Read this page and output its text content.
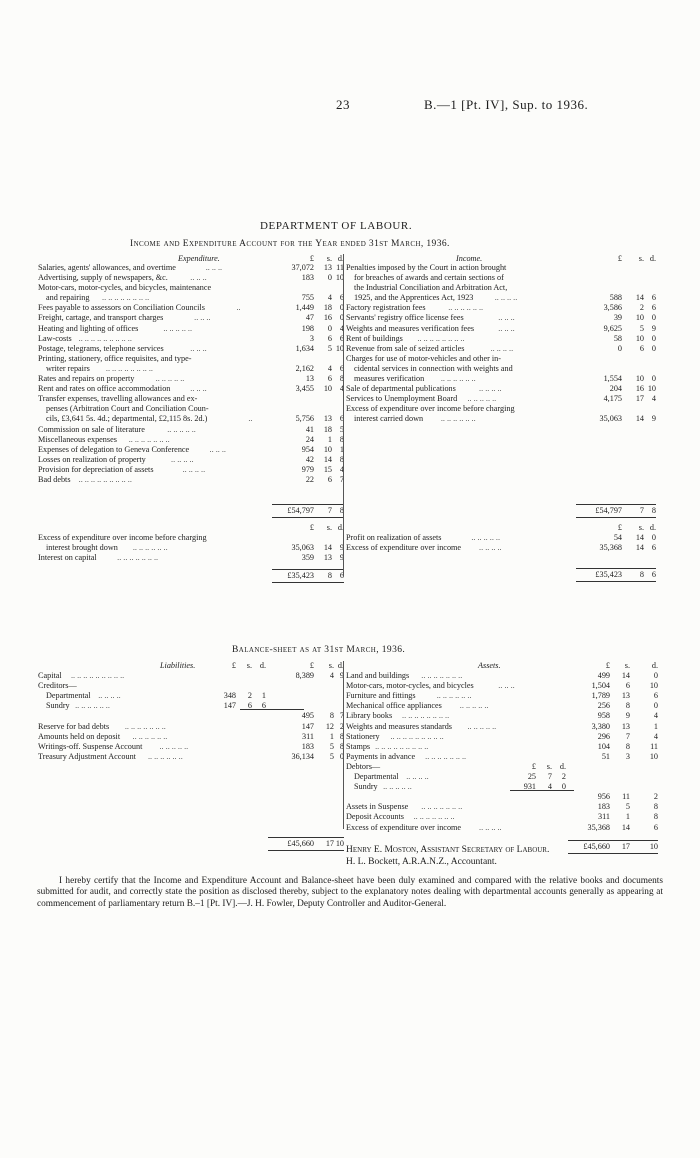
23	B.—1 [Pt. IV], Sup. to 1936.
DEPARTMENT OF LABOUR.
Income and Expenditure Account for the Year ended 31st March, 1936.
Expenditure.	£	s. d.
Salaries, agents' allowances, and overtime	.. .. ..	37,072	13 11
Advertising, supply of newspapers, &c.	.. .. ..	183	0 10
Motor-cars, motor-cycles, and bicycles, maintenance
and repairing .. .. .. .. .. .. .. ..	755	4 6
Fees payable to assessors on Conciliation Councils	..	1,449	18 0
Freight, cartage, and transport charges	.. .. ..	47	16 0
Heating and lighting of offices	.. .. .. .. ..	198	0 4
Law-costs .. .. .. .. .. .. .. .. ..	3	6 6
Postage, telegrams, telephone services	.. .. ..	1,634	5 10
Printing, stationery, office requisites, and type-
writer repairs .. .. .. .. .. .. .. ..	2,162	4 6
Rates and repairs on property	.. .. .. .. ..	13	6 8
Rent and rates on office accommodation .. .. ..	3,455	10 4
Transfer expenses, travelling allowances and ex-
penses (Arbitration Court and Conciliation Coun-
cils, £3,641 5s. 4d.; departmental, £2,115 8s. 2d.)	..	5,756	13 6
Commission on sale of literature	.. .. .. .. ..	41	18 5
Miscellaneous expenses .. .. .. .. .. .. ..	24	1 8
Expenses of delegation to Geneva Conference .. .. ..	954	10 1
Losses on realization of property	.. .. .. ..	42	14 8
Provision for depreciation of assets	.. .. .. ..	979	15 4
Bad debts .. .. .. .. .. .. .. .. ..	22	6 7
£54,797	7 8
£	s. d.
Excess of expenditure over income before charging
interest brought down .. .. .. .. .. ..	35,063	14 9
Interest on capital .. .. .. .. .. .. ..	359	13 9
£35,423	8 6
Income.	£	s. d.
Penalties imposed by the Court in action brought
for breaches of awards and certain sections of
the Industrial Conciliation and Arbitration Act,
1925, and the Apprentices Act, 1923	.. .. .. ..	588	14 6
Factory registration fees	.. .. .. .. .. ..	3,586	2 6
Servants' registry office license fees	.. .. ..	39	10 0
Weights and measures verification fees	.. .. ..	9,625	5 9
Rent of buildings .. .. .. .. .. .. .. ..	58	10 0
Revenue from sale of seized articles	.. .. .. ..	0	6 0
Charges for use of motor-vehicles and other in-
cidental services in connection with weights and
measures verification .. .. .. .. .. ..	1,554	10 0
Sale of departmental publications	.. .. .. ..	204	16 10
Services to Unemployment Board .. .. .. .. ..	4,175	17 4
Excess of expenditure over income before charging
interest carried down .. .. .. .. .. ..	35,063	14 9
£54,797	7 8
£	s. d.
Profit on realization of assets	.. .. .. .. ..	54	14 0
Excess of expenditure over income .. .. .. ..	35,368	14 6
£35,423	8 6
Balance-sheet as at 31st March, 1936.
Liabilities.	£	s. d.	£	s. d.
Capital .. .. .. .. .. .. .. .. ..	8,389	4 9
Creditors—
Departmental .. .. .. ..	348	2	1
Sundry .. .. .. .. .. ..	147	6	6
495	8 7
Reserve for bad debts .. .. .. .. .. .. ..	147	12 2
Amounts held on deposit .. .. .. .. .. ..	311	1 8
Writings-off. Suspense Account .. .. .. .. ..	183	5 8
Treasury Adjustment Account .. .. .. .. .. ..	36,134	5 0
£45,660	17 10
Assets.	£	s.	d.
Land and buildings .. .. .. .. .. .. ..	499	14	0
Motor-cars, motor-cycles, and bicycles	.. .. ..	1,504	6	10
Furniture and fittings	.. .. .. .. .. ..	1,789	13	6
Mechanical office appliances .. .. .. .. ..	256	8	0
Library books .. .. .. .. .. .. .. ..	958	9	4
Weights and measures standards .. .. .. .. ..	3,380	13	1
Stationery .. .. .. .. .. .. .. .. ..	296	7	4
Stamps .. .. .. .. .. .. .. .. ..	104	8	11
Payments in advance .. .. .. .. .. .. ..	51	3	10
Debtors—	£	s. d.
Departmental .. .. .. ..	25	7	2
Sundry .. .. .. .. ..	931	4	0
956	11	2
Assets in Suspense .. .. .. .. .. .. ..	183	5	8
Deposit Accounts .. .. .. .. .. .. ..	311	1	8
Excess of expenditure over income .. .. .. ..	35,368	14	6
£45,660	17	10
Henry E. Moston, Assistant Secretary of Labour.
H. L. Bockett, A.R.A.N.Z., Accountant.
I hereby certify that the Income and Expenditure Account and Balance-sheet have been duly examined and compared with the relative books and documents submitted for audit, and correctly state the position as disclosed thereby, subject to the explanatory notes dealing with departmental accounts generally as appearing at commencement of parliamentary return B.–1 [Pt. IV].—J. H. Fowler, Deputy Controller and Auditor-General.
